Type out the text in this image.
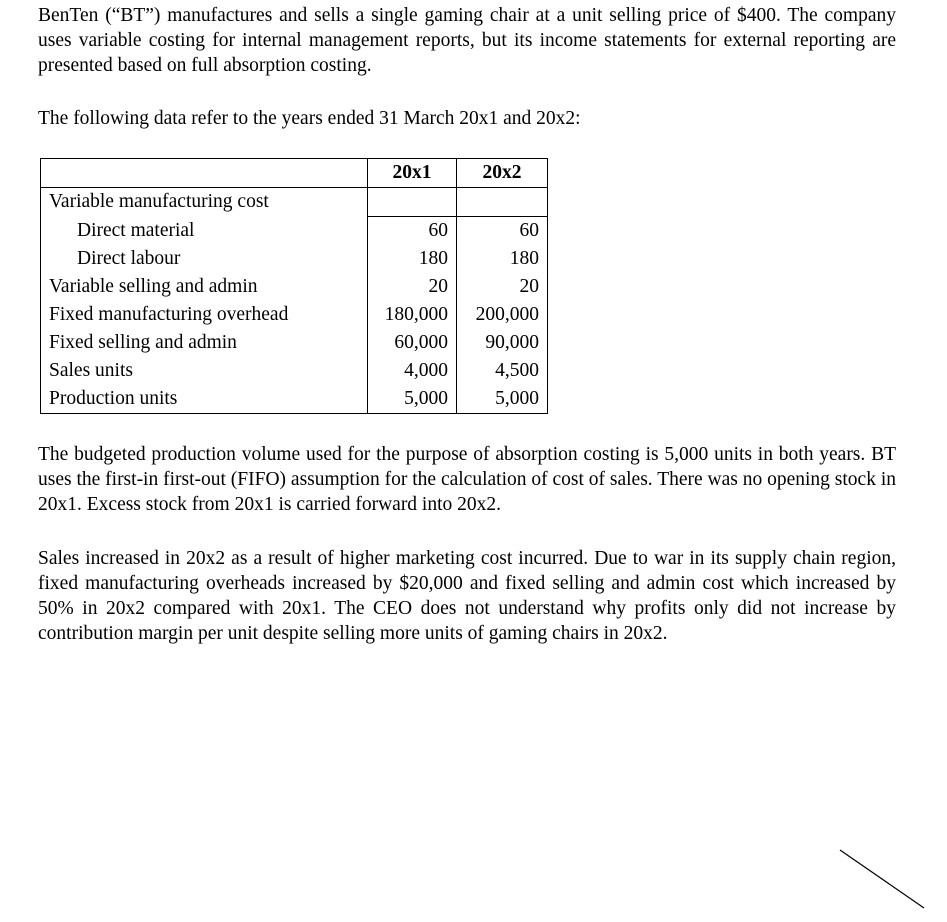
BenTen (“BT”) manufactures and sells a single gaming chair at a unit selling price of $400. The company uses variable costing for internal management reports, but its income statements for external reporting are presented based on full absorption costing.

The following data refer to the years ended 31 March 20x1 and 20x2:

	20x1	20x2
Variable manufacturing cost		
Direct material	60	60
Direct labour	180	180
Variable selling and admin	20	20
Fixed manufacturing overhead	180,000	200,000
Fixed selling and admin	60,000	90,000
Sales units	4,000	4,500
Production units	5,000	5,000

The budgeted production volume used for the purpose of absorption costing is 5,000 units in both years. BT uses the first-in first-out (FIFO) assumption for the calculation of cost of sales. There was no opening stock in 20x1. Excess stock from 20x1 is carried forward into 20x2.

Sales increased in 20x2 as a result of higher marketing cost incurred. Due to war in its supply chain region, fixed manufacturing overheads increased by $20,000 and fixed selling and admin cost which increased by 50% in 20x2 compared with 20x1. The CEO does not understand why profits only did not increase by contribution margin per unit despite selling more units of gaming chairs in 20x2.
